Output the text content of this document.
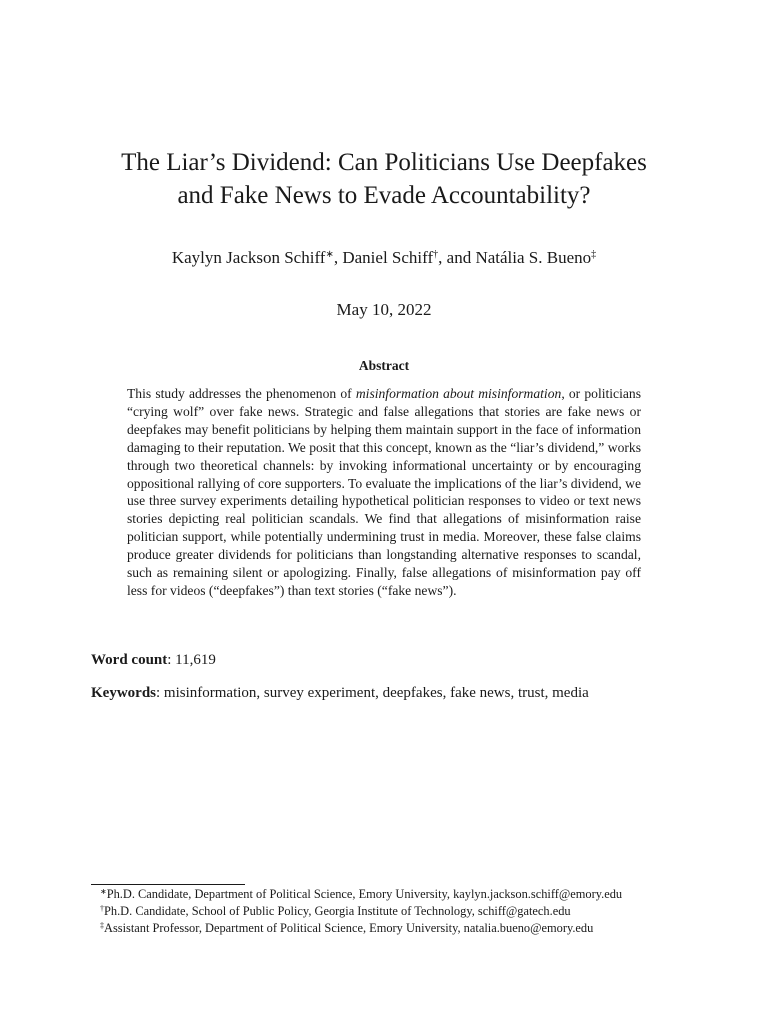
The Liar’s Dividend: Can Politicians Use Deepfakes
and Fake News to Evade Accountability?
Kaylyn Jackson Schiff∗, Daniel Schiff†, and Natália S. Bueno‡
May 10, 2022
Abstract

This study addresses the phenomenon of misinformation about misinformation, or politicians “crying wolf” over fake news. Strategic and false allegations that stories are fake news or deepfakes may benefit politicians by helping them maintain support in the face of information damaging to their reputation. We posit that this concept, known as the “liar’s dividend,” works through two theoretical channels: by invoking informational uncertainty or by encouraging oppositional rallying of core supporters. To evaluate the implications of the liar’s dividend, we use three survey experiments detailing hypothetical politician responses to video or text news stories depicting real politician scandals. We find that allegations of misinformation raise politician support, while potentially undermining trust in media. Moreover, these false claims produce greater dividends for politicians than longstanding alternative responses to scandal, such as remaining silent or apologizing. Finally, false allegations of misinformation pay off less for videos (“deepfakes”) than text stories (“fake news”).

Word count: 11,619
Keywords: misinformation, survey experiment, deepfakes, fake news, trust, media
∗Ph.D. Candidate, Department of Political Science, Emory University, kaylyn.jackson.schiff@emory.edu
†Ph.D. Candidate, School of Public Policy, Georgia Institute of Technology, schiff@gatech.edu
‡Assistant Professor, Department of Political Science, Emory University, natalia.bueno@emory.edu
